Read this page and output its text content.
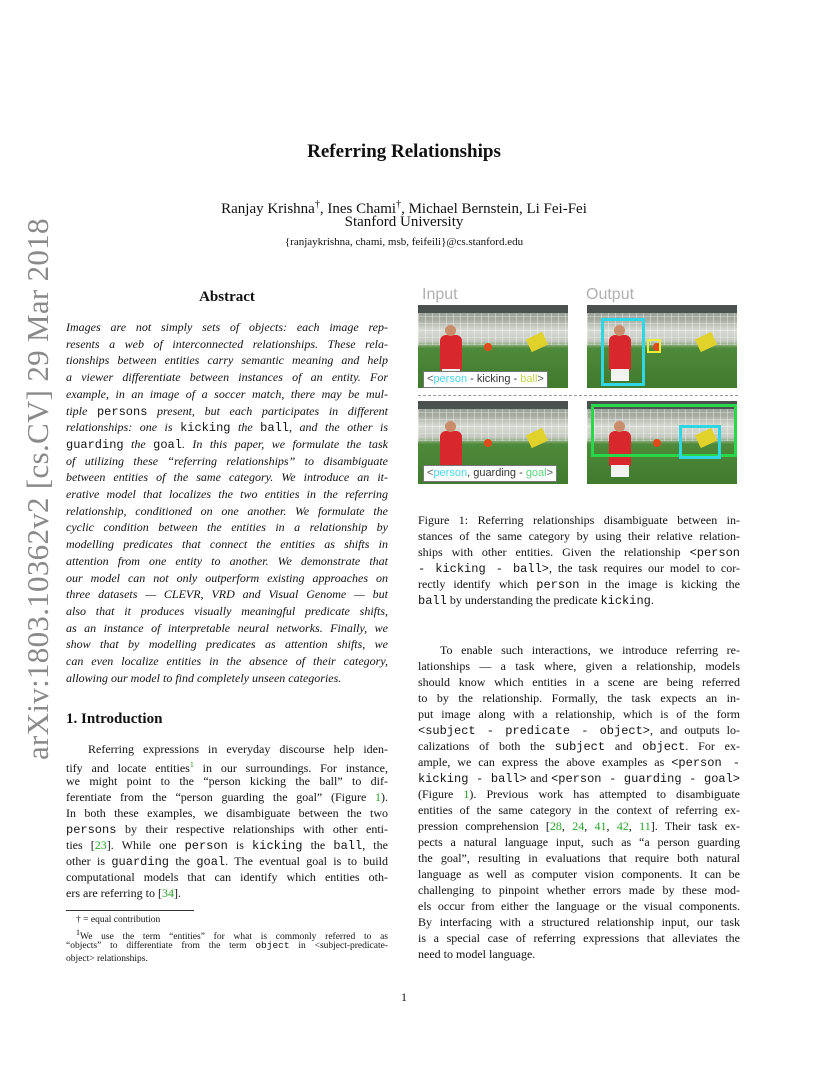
arXiv:1803.10362v2 [cs.CV] 29 Mar 2018
Referring Relationships
Ranjay Krishna†, Ines Chami†, Michael Bernstein, Li Fei-Fei
Stanford University
{ranjaykrishna, chami, msb, feifeili}@cs.stanford.edu
Abstract
Images are not simply sets of objects: each image rep-
resents a web of interconnected relationships. These rela-
tionships between entities carry semantic meaning and help
a viewer differentiate between instances of an entity. For
example, in an image of a soccer match, there may be mul-
tiple persons present, but each participates in different
relationships: one is kicking the ball, and the other is
guarding the goal. In this paper, we formulate the task
of utilizing these “referring relationships” to disambiguate
between entities of the same category. We introduce an it-
erative model that localizes the two entities in the referring
relationship, conditioned on one another. We formulate the
cyclic condition between the entities in a relationship by
modelling predicates that connect the entities as shifts in
attention from one entity to another. We demonstrate that
our model can not only outperform existing approaches on
three datasets — CLEVR, VRD and Visual Genome — but
also that it produces visually meaningful predicate shifts,
as an instance of interpretable neural networks. Finally, we
show that by modelling predicates as attention shifts, we
can even localize entities in the absence of their category,
allowing our model to find completely unseen categories.
1. Introduction
Referring expressions in everyday discourse help iden-
tify and locate entities$^1$ in our surroundings. For instance,
we might point to the “person kicking the ball” to dif-
ferentiate from the “person guarding the goal” (Figure 1).
In both these examples, we disambiguate between the two
persons by their respective relationships with other enti-
ties [23]. While one person is kicking the ball, the
other is guarding the goal. The eventual goal is to build
computational models that can identify which entities oth-
ers are referring to [34].
† = equal contribution
$^1$We use the term “entities” for what is commonly referred to as
“objects” to differentiate from the term object in <subject-predicate-
object> relationships.
Input	Output
<person - kicking - ball>
<person, guarding - goal>
Figure 1: Referring relationships disambiguate between in-
stances of the same category by using their relative relation-
ships with other entities. Given the relationship <person
- kicking - ball>, the task requires our model to cor-
rectly identify which person in the image is kicking the
ball by understanding the predicate kicking.
To enable such interactions, we introduce referring re-
lationships — a task where, given a relationship, models
should know which entities in a scene are being referred
to by the relationship. Formally, the task expects an in-
put image along with a relationship, which is of the form
<subject - predicate - object>, and outputs lo-
calizations of both the subject and object. For ex-
ample, we can express the above examples as <person -
kicking - ball> and <person - guarding - goal>
(Figure 1). Previous work has attempted to disambiguate
entities of the same category in the context of referring ex-
pression comprehension [28, 24, 41, 42, 11]. Their task ex-
pects a natural language input, such as “a person guarding
the goal”, resulting in evaluations that require both natural
language as well as computer vision components. It can be
challenging to pinpoint whether errors made by these mod-
els occur from either the language or the visual components.
By interfacing with a structured relationship input, our task
is a special case of referring expressions that alleviates the
need to model language.
1
